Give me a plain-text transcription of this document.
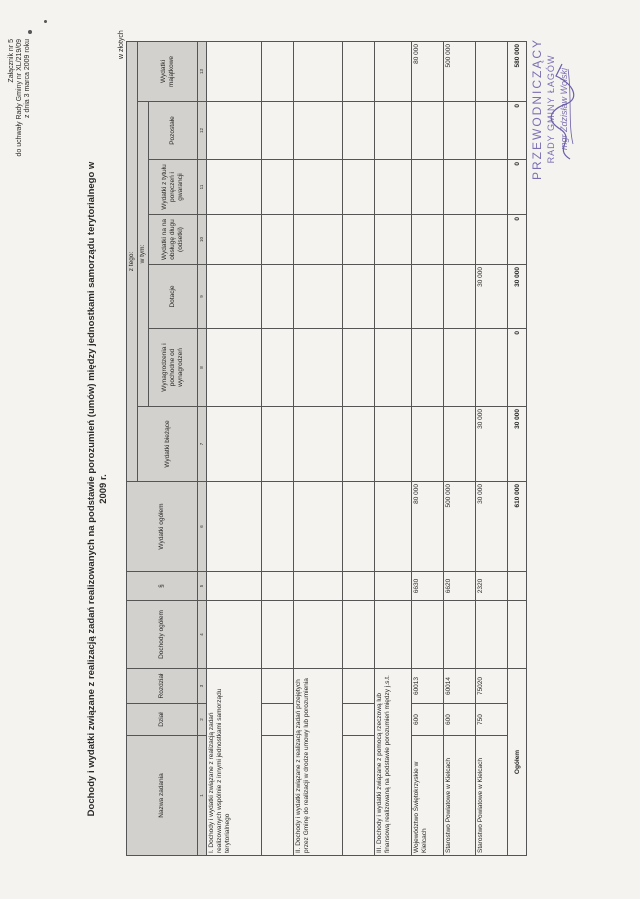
Załącznik nr 5 do uchwały Rady Gminy nr XL/219/09 z dnia 3 marca 2009 roku
Dochody i wydatki związane z realizacją zadań realizowanych na podstawie porozumień (umów) między jednostkami samorządu terytorialnego w 2009 r.
w złotych
Nazwa zadania	Dział	Rozdział	Dochody ogółem	§	Wydatki ogółem	z tego:						
						Wydatki bieżące	w tym:					Wydatki majątkowe
							Wynagrodzenia i pochodne od wynagrodzeń	Dotacje	Wydatki na na obsługę długu (odsetki)	Wydatki z tytułu poręczeń i gwarancji	Pozostałe	
1	2	3	4	5	6	7	8	9	10	11	12	13
I. Dochody i wydatki związane z realizacją zadań realizowanych wspólnie z innymi jednostkami samorządu terytorialnego												

II. Dochody i wydatki związane z realizacją zadań przejętych przez Gminę do realizacji w drodze umowy lub porozumienia												

III. Dochody i wydatki związane z pomocą rzeczową lub finansową realizowaną na podstawie porozumień między j.s.t.												
Województwo Świętokrzyskie w Kielcach	600	60013		6630	80 000							80 000
Starostwo Powiatowe w Kielcach	600	60014		6620	500 000							500 000
Starostwo Powiatowe w Kielcach	750	75020		2320	30 000	30 000		30 000				
Ogółem					610 000	30 000	0	30 000	0	0	0	580 000 PRZEWODNICZĄCY RADY GMINY ŁAGÓW mgr Zdzisław Wolski
